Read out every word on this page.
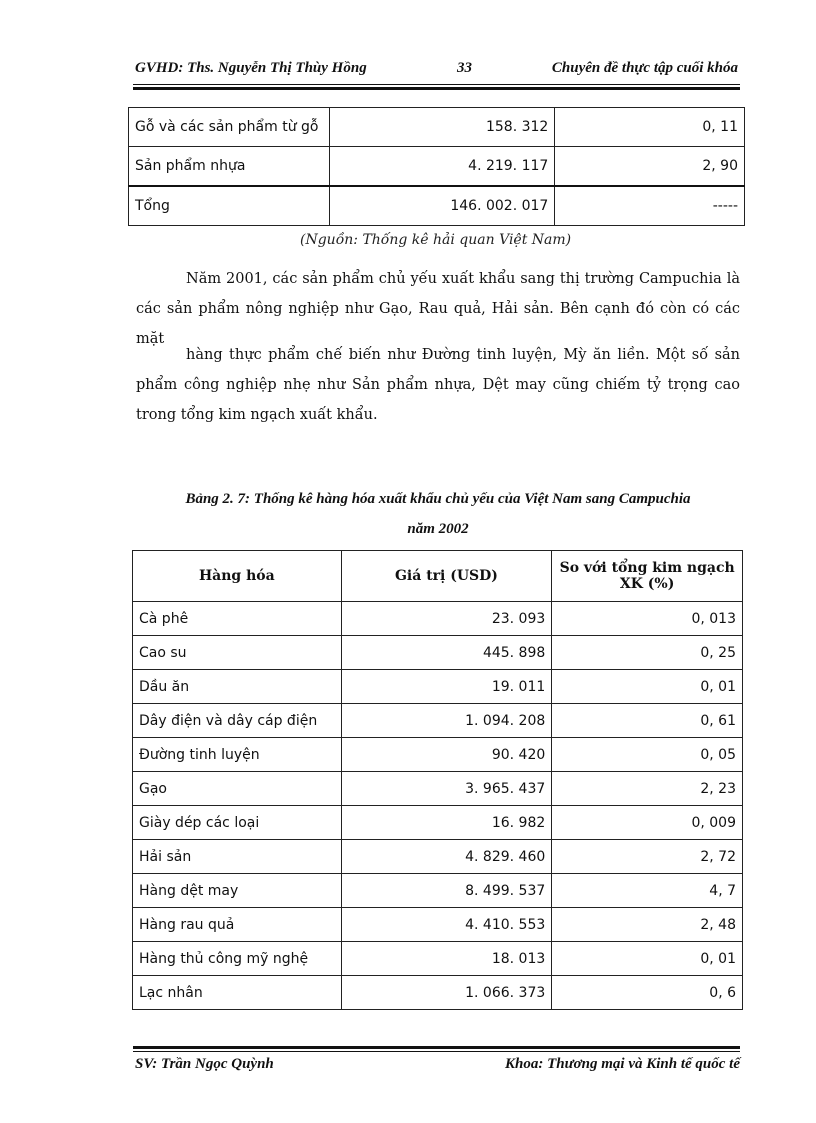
GVHD: Ths. Nguyễn Thị Thùy Hồng	33	Chuyên đề thực tập cuối khóa
Gỗ và các sản phẩm từ gỗ	158. 312	0, 11
Sản phẩm nhựa	4. 219. 117	2, 90
Tổng	146. 002. 017	-----
(Nguồn: Thống kê hải quan Việt Nam)
Năm 2001, các sản phẩm chủ yếu xuất khẩu sang thị trường Campuchia là các sản phẩm nông nghiệp như Gạo, Rau quả, Hải sản. Bên cạnh đó còn có các mặt
hàng thực phẩm chế biến như Đường tinh luyện, Mỳ ăn liền. Một số sản phẩm công nghiệp nhẹ như Sản phẩm nhựa, Dệt may cũng chiếm tỷ trọng cao trong tổng kim ngạch xuất khẩu.
Bảng 2. 7: Thống kê hàng hóa xuất khẩu chủ yếu của Việt Nam sang Campuchia
năm 2002
Hàng hóa	Giá trị (USD)	So với tổng kim ngạch XK (%)
Cà phê	23. 093	0, 013
Cao su	445. 898	0, 25
Dầu ăn	19. 011	0, 01
Dây điện và dây cáp điện	1. 094. 208	0, 61
Đường tinh luyện	90. 420	0, 05
Gạo	3. 965. 437	2, 23
Giày dép các loại	16. 982	0, 009
Hải sản	4. 829. 460	2, 72
Hàng dệt may	8. 499. 537	4, 7
Hàng rau quả	4. 410. 553	2, 48
Hàng thủ công mỹ nghệ	18. 013	0, 01
Lạc nhân	1. 066. 373	0, 6
SV: Trần Ngọc Quỳnh	Khoa: Thương mại và Kinh tế quốc tế
